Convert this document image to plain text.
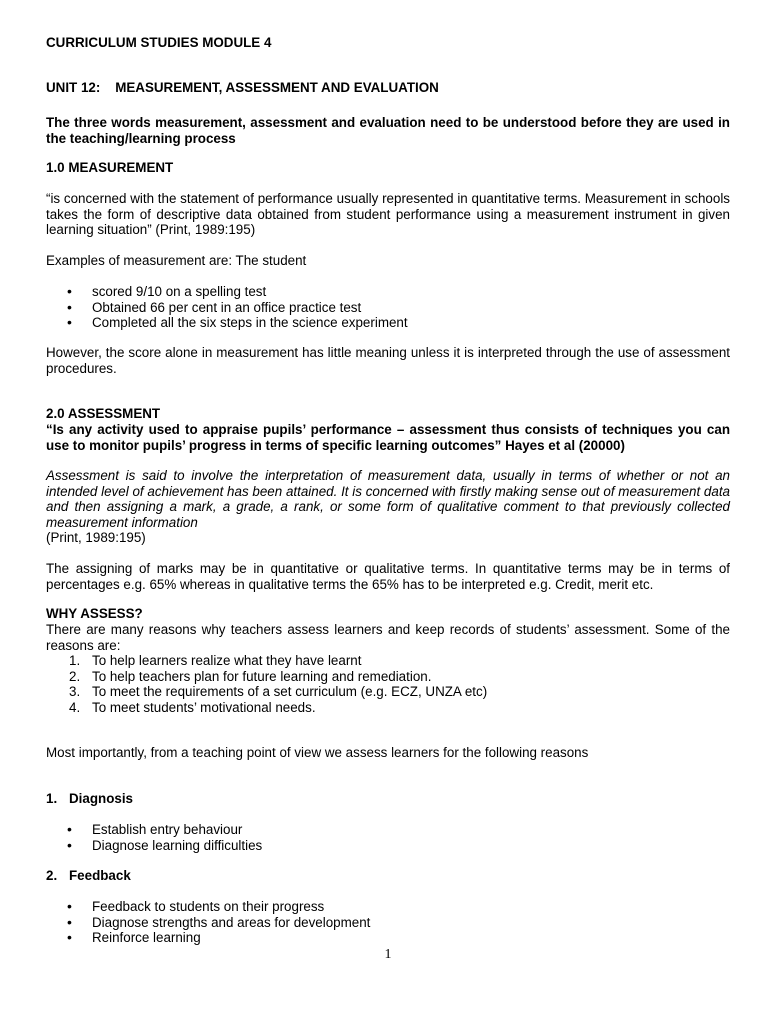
CURRICULUM STUDIES MODULE 4

UNIT 12:    MEASUREMENT, ASSESSMENT AND EVALUATION

The three words measurement, assessment and evaluation need to be understood before they are used in the teaching/learning process

1.0 MEASUREMENT

“is concerned with the statement of performance usually represented in quantitative terms. Measurement in schools takes the form of descriptive data obtained from student performance using a measurement instrument in given learning situation” (Print, 1989:195)

Examples of measurement are: The student

• scored 9/10 on a spelling test
• Obtained 66 per cent in an office practice test
• Completed all the six steps in the science experiment

However, the score alone in measurement has little meaning unless it is interpreted through the use of assessment procedures.

2.0 ASSESSMENT

“Is any activity used to appraise pupils’ performance – assessment thus consists of techniques you can use to monitor pupils’ progress in terms of specific learning outcomes” Hayes et al (20000)

Assessment is said to involve the interpretation of measurement data, usually in terms of whether or not an intended level of achievement has been attained. It is concerned with firstly making sense out of measurement data and then assigning a mark, a grade, a rank, or some form of qualitative comment to that previously collected measurement information

(Print, 1989:195)

The assigning of marks may be in quantitative or qualitative terms. In quantitative terms may be in terms of percentages e.g. 65% whereas in qualitative terms the 65% has to be interpreted e.g. Credit, merit etc.

WHY ASSESS?

There are many reasons why teachers assess learners and keep records of students’ assessment. Some of the reasons are:

1. To help learners realize what they have learnt
2. To help teachers plan for future learning and remediation.
3. To meet the requirements of a set curriculum (e.g. ECZ, UNZA etc)
4. To meet students’ motivational needs.

Most importantly, from a teaching point of view we assess learners for the following reasons

1. Diagnosis

• Establish entry behaviour
• Diagnose learning difficulties

2. Feedback

• Feedback to students on their progress
• Diagnose strengths and areas for development
• Reinforce learning
1
